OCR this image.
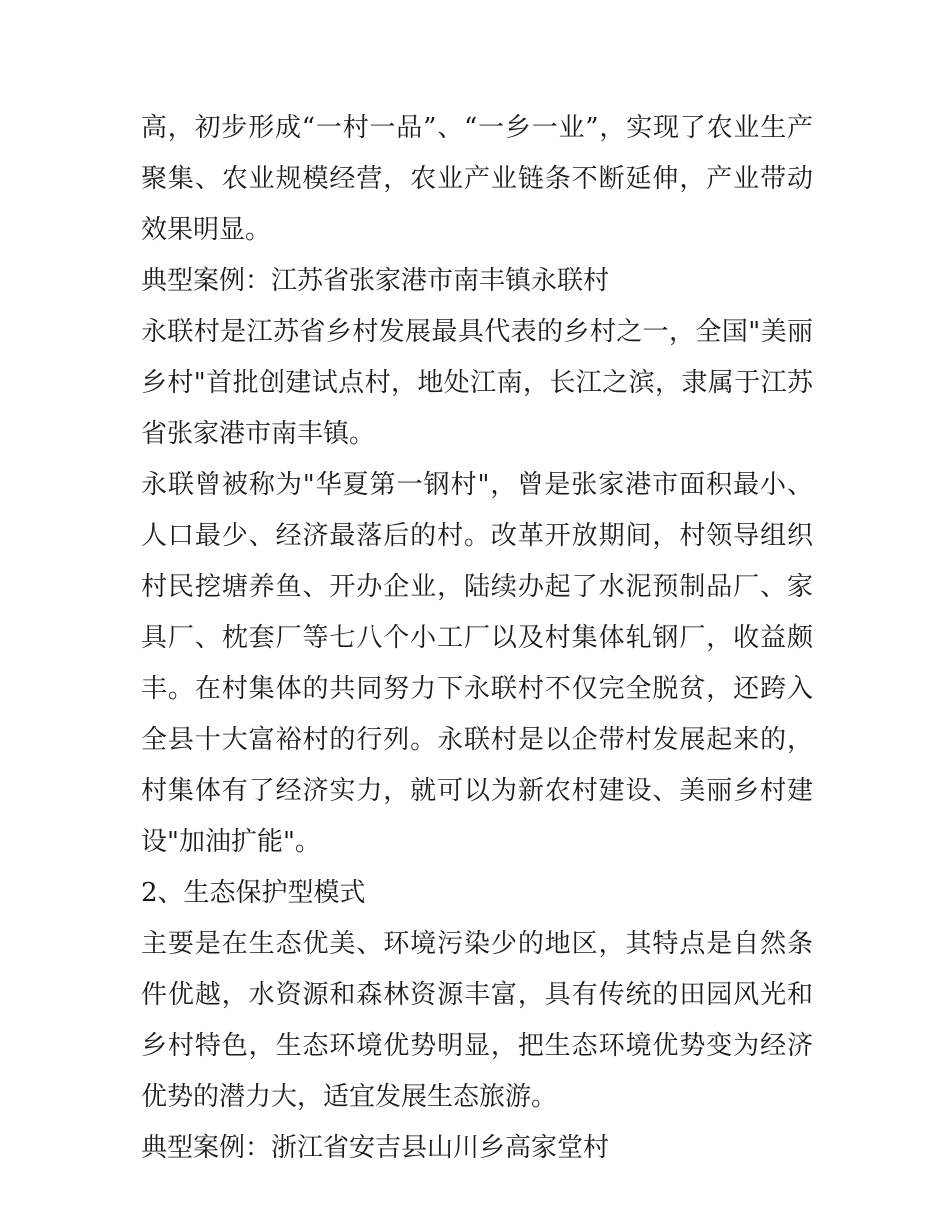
高，初步形成“一村一品”、“一乡一业”，实现了农业生产聚集、农业规模经营，农业产业链条不断延伸，产业带动效果明显。

典型案例：江苏省张家港市南丰镇永联村

永联村是江苏省乡村发展最具代表的乡村之一，全国"美丽乡村"首批创建试点村，地处江南，长江之滨，隶属于江苏省张家港市南丰镇。

永联曾被称为"华夏第一钢村"，曾是张家港市面积最小、人口最少、经济最落后的村。改革开放期间，村领导组织村民挖塘养鱼、开办企业，陆续办起了水泥预制品厂、家具厂、枕套厂等七八个小工厂以及村集体轧钢厂，收益颇丰。在村集体的共同努力下永联村不仅完全脱贫，还跨入全县十大富裕村的行列。永联村是以企带村发展起来的，村集体有了经济实力，就可以为新农村建设、美丽乡村建设"加油扩能"。

2、生态保护型模式

主要是在生态优美、环境污染少的地区，其特点是自然条件优越，水资源和森林资源丰富，具有传统的田园风光和乡村特色，生态环境优势明显，把生态环境优势变为经济优势的潜力大，适宜发展生态旅游。

典型案例：浙江省安吉县山川乡高家堂村
